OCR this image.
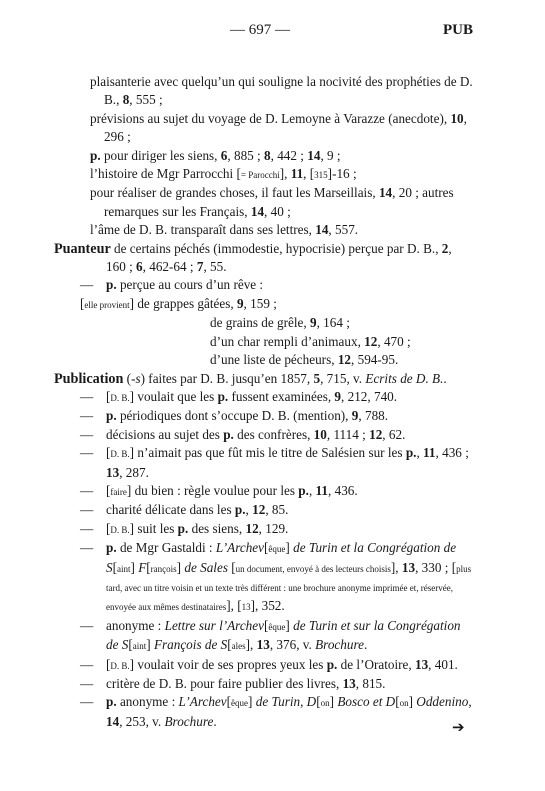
— 697 —	PUB
plaisanterie avec quelqu’un qui souligne la nocivité des prophéties de D. B., 8, 555 ;
prévisions au sujet du voyage de D. Lemoyne à Varazze (anecdote), 10, 296 ;
p. pour diriger les siens, 6, 885 ; 8, 442 ; 14, 9 ;
l’histoire de Mgr Parrocchi [= Parocchi], 11, [315]-16 ;
pour réaliser de grandes choses, il faut les Marseillais, 14, 20 ; autres remarques sur les Français, 14, 40 ;
l’âme de D. B. transparaît dans ses lettres, 14, 557.
Puanteur de certains péchés (immodestie, hypocrisie) perçue par D. B., 2, 160 ; 6, 462-64 ; 7, 55.
— p. perçue au cours d’un rêve :
[elle provient] de grappes gâtées, 9, 159 ;
de grains de grêle, 9, 164 ;
d’un char rempli d’animaux, 12, 470 ;
d’une liste de pécheurs, 12, 594-95.
Publication (-s) faites par D. B. jusqu’en 1857, 5, 715, v. Ecrits de D. B..
— [D. B.] voulait que les p. fussent examinées, 9, 212, 740.
— p. périodiques dont s’occupe D. B. (mention), 9, 788.
— décisions au sujet des p. des confrères, 10, 1114 ; 12, 62.
— [D. B.] n’aimait pas que fût mis le titre de Salésien sur les p., 11, 436 ; 13, 287.
— [faire] du bien : règle voulue pour les p., 11, 436.
— charité délicate dans les p., 12, 85.
— [D. B.] suit les p. des siens, 12, 129.
— p. de Mgr Gastaldi : L’Archev[êque] de Turin et la Congrégation de S[aint] F[rançois] de Sales [un document, envoyé à des lecteurs choisis], 13, 330 ; [plus tard, avec un titre voisin et un texte très différent : une brochure anonyme imprimée et, réservée, envoyée aux mêmes destinataires], [13], 352.
— anonyme : Lettre sur l’Archev[êque] de Turin et sur la Congrégation de S[aint] François de S[ales], 13, 376, v. Brochure.
— [D. B.] voulait voir de ses propres yeux les p. de l’Oratoire, 13, 401.
— critère de D. B. pour faire publier des livres, 13, 815.
— p. anonyme : L’Archev[êque] de Turin, D[on] Bosco et D[on] Oddenino, 14, 253, v. Brochure.	➔
